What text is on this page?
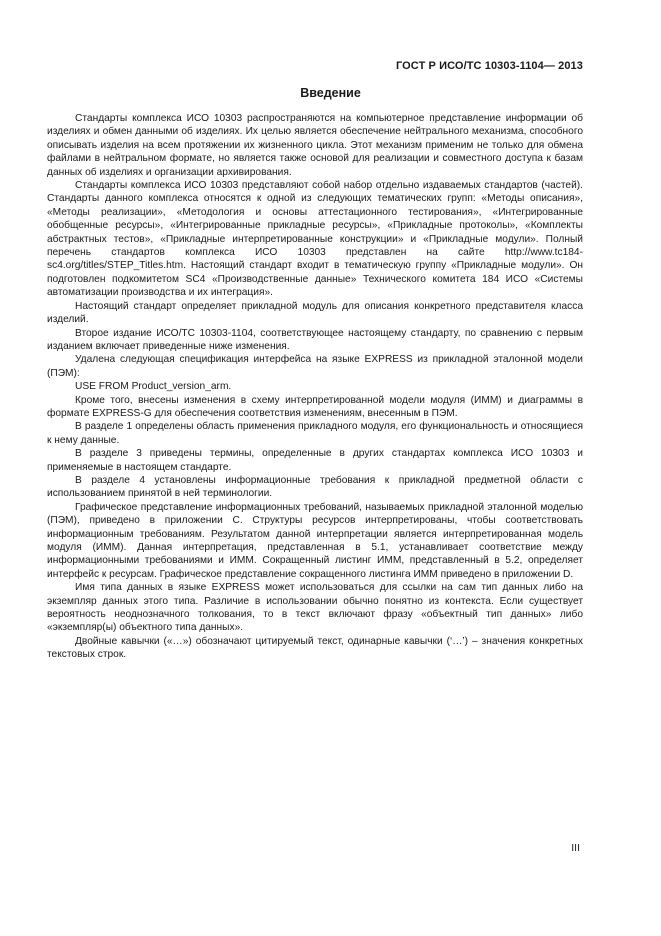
ГОСТ Р ИСО/ТС 10303-1104— 2013
Введение

Стандарты комплекса ИСО 10303 распространяются на компьютерное представление информации об изделиях и обмен данными об изделиях. Их целью является обеспечение нейтрального механизма, способного описывать изделия на всем протяжении их жизненного цикла. Этот механизм применим не только для обмена файлами в нейтральном формате, но является также основой для реализации и совместного доступа к базам данных об изделиях и организации архивирования.

Стандарты комплекса ИСО 10303 представляют собой набор отдельно издаваемых стандартов (частей). Стандарты данного комплекса относятся к одной из следующих тематических групп: «Методы описания», «Методы реализации», «Методология и основы аттестационного тестирования», «Интегрированные обобщенные ресурсы», «Интегрированные прикладные ресурсы», «Прикладные протоколы», «Комплекты абстрактных тестов», «Прикладные интерпретированные конструкции» и «Прикладные модули». Полный перечень стандартов комплекса ИСО 10303 представлен на сайте http://www.tc184-sc4.org/titles/STEP_Titles.htm. Настоящий стандарт входит в тематическую группу «Прикладные модули». Он подготовлен подкомитетом SC4 «Производственные данные» Технического комитета 184 ИСО «Системы автоматизации производства и их интеграция».

Настоящий стандарт определяет прикладной модуль для описания конкретного представителя класса изделий.

Второе издание ИСО/ТС 10303-1104, соответствующее настоящему стандарту, по сравнению с первым изданием включает приведенные ниже изменения.

Удалена следующая спецификация интерфейса на языке EXPRESS из прикладной эталонной модели (ПЭМ):

USE FROM Product_version_arm.

Кроме того, внесены изменения в схему интерпретированной модели модуля (ИММ) и диаграммы в формате EXPRESS-G для обеспечения соответствия изменениям, внесенным в ПЭМ.

В разделе 1 определены область применения прикладного модуля, его функциональность и относящиеся к нему данные.

В разделе 3 приведены термины, определенные в других стандартах комплекса ИСО 10303 и применяемые в настоящем стандарте.

В разделе 4 установлены информационные требования к прикладной предметной области с использованием принятой в ней терминологии.

Графическое представление информационных требований, называемых прикладной эталонной моделью (ПЭМ), приведено в приложении С. Структуры ресурсов интерпретированы, чтобы соответствовать информационным требованиям. Результатом данной интерпретации является интерпретированная модель модуля (ИММ). Данная интерпретация, представленная в 5.1, устанавливает соответствие между информационными требованиями и ИММ. Сокращенный листинг ИММ, представленный в 5.2, определяет интерфейс к ресурсам. Графическое представление сокращенного листинга ИММ приведено в приложении D.

Имя типа данных в языке EXPRESS может использоваться для ссылки на сам тип данных либо на экземпляр данных этого типа. Различие в использовании обычно понятно из контекста. Если существует вероятность неоднозначного толкования, то в текст включают фразу «объектный тип данных» либо «экземпляр(ы) объектного типа данных».

Двойные кавычки («…») обозначают цитируемый текст, одинарные кавычки (‘…’) – значения конкретных текстовых строк.

III
